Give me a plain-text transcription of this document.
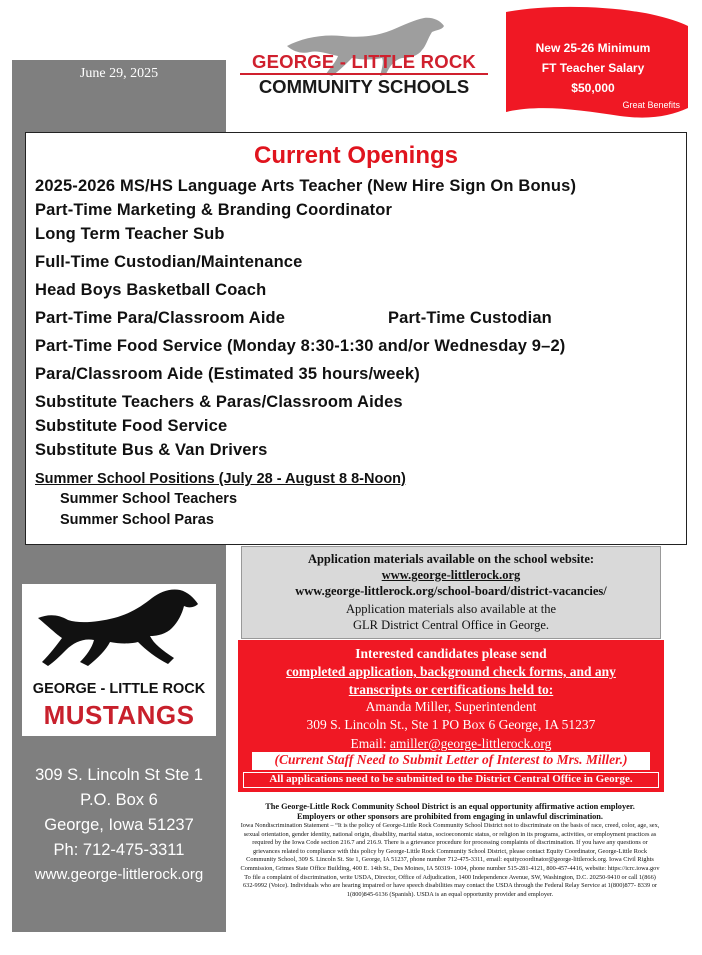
June 29, 2025
GEORGE - LITTLE ROCK
COMMUNITY SCHOOLS
New 25-26 Minimum
FT Teacher Salary
$50,000
Great Benefits
Current Openings
2025-2026 MS/HS Language Arts Teacher (New Hire Sign On Bonus)
Part-Time Marketing & Branding Coordinator
Long Term Teacher Sub
Full-Time Custodian/Maintenance
Head Boys Basketball Coach
Part-Time Para/Classroom Aide	Part-Time Custodian
Part-Time Food Service (Monday 8:30-1:30 and/or Wednesday 9–2)
Para/Classroom Aide (Estimated 35 hours/week)
Substitute Teachers & Paras/Classroom Aides
Substitute Food Service
Substitute Bus & Van Drivers
Summer School Positions (July 28 - August 8 8-Noon)
Summer School Teachers
Summer School Paras
Application materials available on the school website:
www.george-littlerock.org
www.george-littlerock.org/school-board/district-vacancies/
Application materials also available at the
GLR District Central Office in George.
Interested candidates please send
completed application, background check forms, and any
transcripts or certifications held to:
Amanda Miller, Superintendent
309 S. Lincoln St., Ste 1 PO Box 6 George, IA 51237
Email: amiller@george-littlerock.org
(Current Staff Need to Submit Letter of Interest to Mrs. Miller.)
All applications need to be submitted to the District Central Office in George.
GEORGE - LITTLE ROCK
MUSTANGS
309 S. Lincoln St Ste 1
P.O. Box 6
George, Iowa 51237
Ph: 712-475-3311
www.george-littlerock.org
The George-Little Rock Community School District is an equal opportunity affirmative action employer.
Employers or other sponsors are prohibited from engaging in unlawful discrimination.
Iowa Nondiscrimination Statement – “It is the policy of George-Little Rock Community School District not to discriminate on the basis of race, creed, color, age, sex, sexual orientation, gender identity, national origin, disability, marital status, socioeconomic status, or religion in its programs, activities, or employment practices as required by the Iowa Code section 216.7 and 216.9. There is a grievance procedure for processing complaints of discrimination. If you have any questions or grievances related to compliance with this policy by George-Little Rock Community School District, please contact Equity Coordinator, George-Little Rock Community School, 309 S. Lincoln St. Ste 1, George, IA 51237, phone number 712-475-3311, email: equitycoordinator@george-littlerock.org. Iowa Civil Rights Commission, Grimes State Office Building, 400 E. 14th St., Des Moines, IA 50319- 1004, phone number 515-281-4121, 800-457-4416, website: https://icrc.iowa.gov To file a complaint of discrimination, write USDA, Director, Office of Adjudication, 1400 Independence Avenue, SW, Washington, D.C. 20250-9410 or call 1(866) 632-9992 (Voice). Individuals who are hearing impaired or have speech disabilities may contact the USDA through the Federal Relay Service at 1(800)877- 8339 or 1(800)845-6136 (Spanish). USDA is an equal opportunity provider and employer.
